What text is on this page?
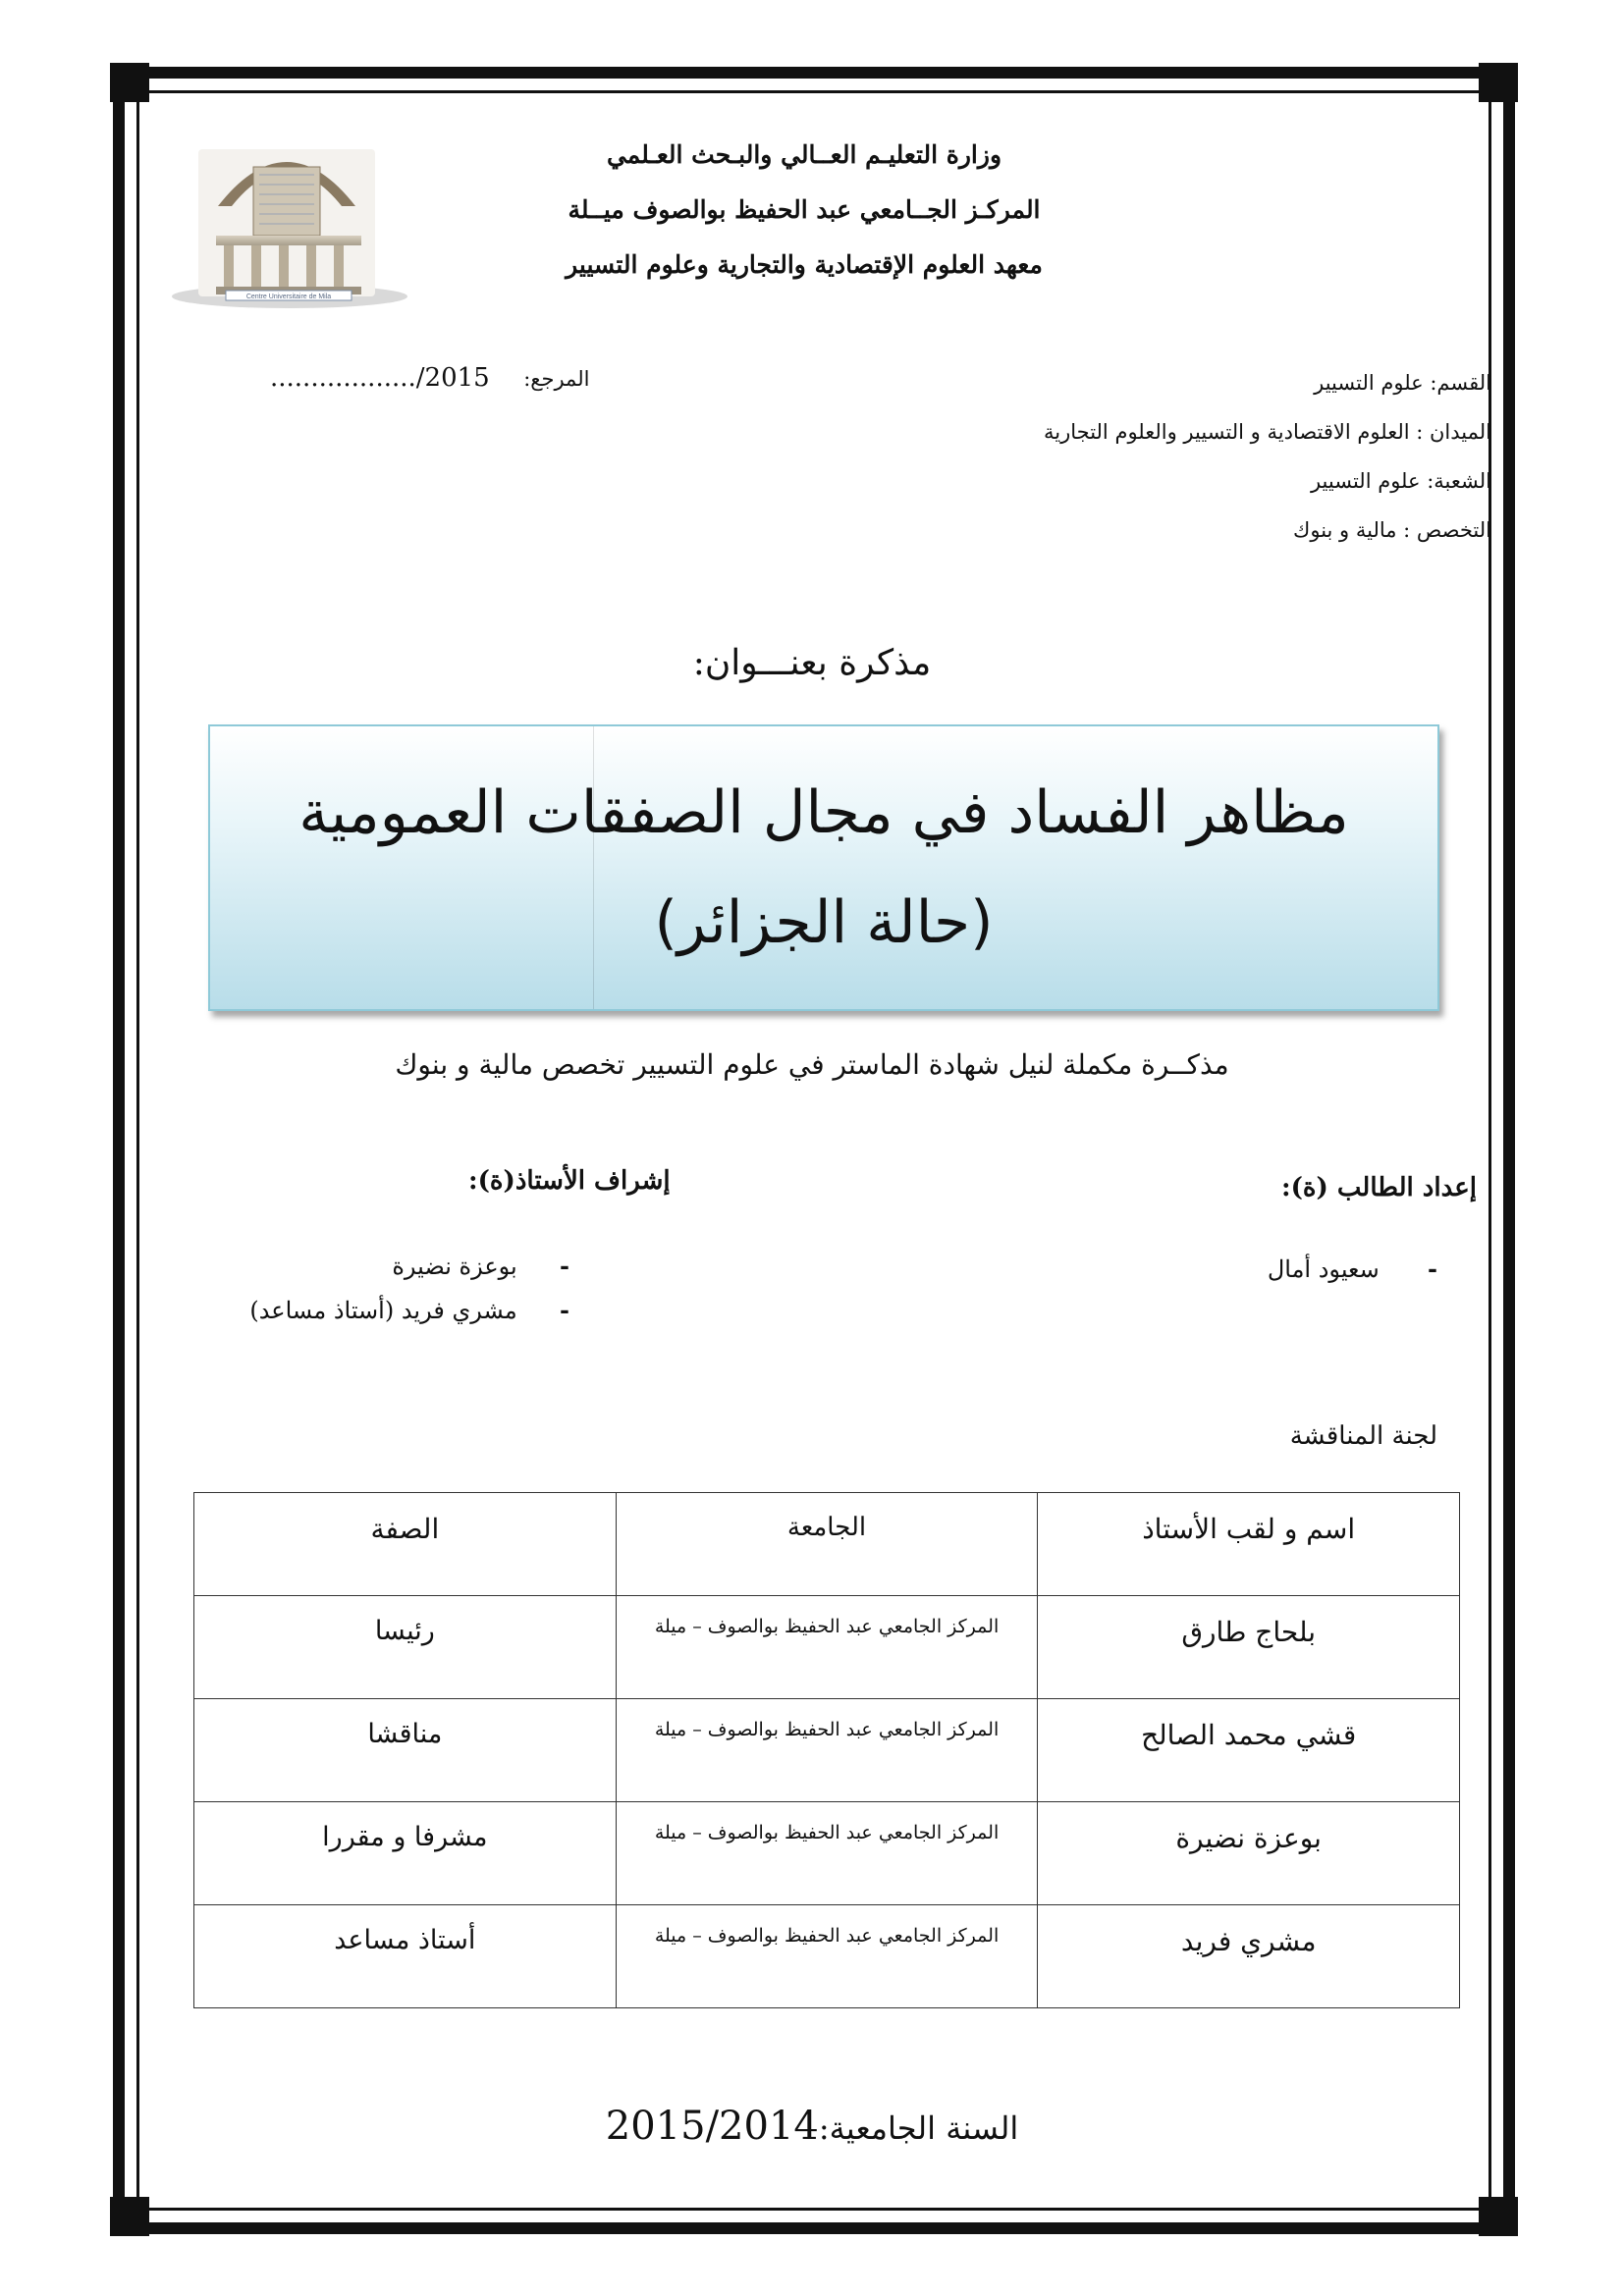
Centre Universitaire de Mila
وزارة التعليـم العــالي والبـحث العـلمي
المركـز الجــامعي عبد الحفيظ بوالصوف ميــلة
معهد العلوم الإقتصادية والتجارية وعلوم التسيير
القسم: علوم التسيير
الميدان : العلوم الاقتصادية و التسيير والعلوم التجارية
الشعبة: علوم التسيير
التخصص : مالية و بنوك
المرجع:  ................../2015
مذكرة بعنـــوان:
مظاهر الفساد في مجال الصفقات العمومية
(حالة الجزائر)
مذكــرة مكملة لنيل شهادة الماستر في علوم التسيير تخصص مالية و بنوك
إعداد الطالب (ة):
-  سعيود أمال
إشراف الأستاذ(ة):
-  بوعزة نضيرة
-  مشري فريد (أستاذ مساعد)
لجنة المناقشة
اسم و لقب الأستاذ	الجامعة	الصفة
بلحاج طارق	المركز الجامعي عبد الحفيظ بوالصوف – ميلة	رئيسا
قشي محمد الصالح	المركز الجامعي عبد الحفيظ بوالصوف – ميلة	مناقشا
بوعزة نضيرة	المركز الجامعي عبد الحفيظ بوالصوف – ميلة	مشرفا و مقررا
مشري فريد	المركز الجامعي عبد الحفيظ بوالصوف – ميلة	أستاذ مساعد
السنة الجامعية:2015/2014
